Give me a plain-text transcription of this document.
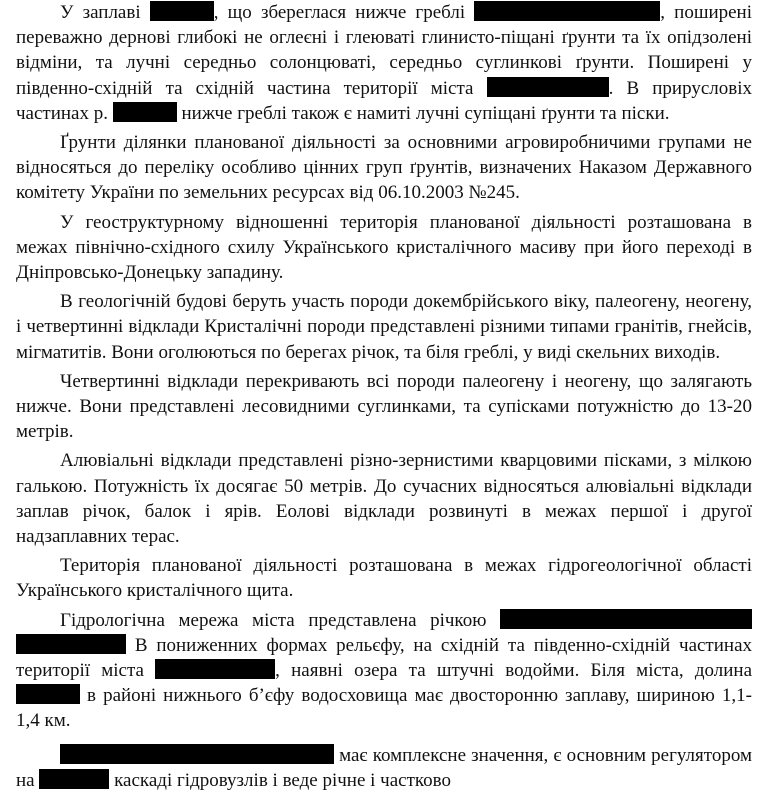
У заплаві	, що збереглася нижче греблі	, поширені переважно дернові глибокі не оглеєні і глеюваті глинисто-піщані ґрунти та їх опідзолені відміни, та лучні середньо солонцюваті, середньо суглинкові ґрунти. Поширені у південно-східній та східній частина території міста	. В прирусловіх частинах р.	нижче греблі також є намиті лучні супіщані ґрунти та піски.

Ґрунти ділянки планованої діяльності за основними агровиробничими групами не відносяться до переліку особливо цінних груп ґрунтів, визначених Наказом Державного комітету України по земельних ресурсах від 06.10.2003 №245.

У геоструктурному відношенні територія планованої діяльності розташована в межах північно-східного схилу Українського кристалічного масиву при його переході в Дніпровсько-Донецьку западину.

В геологічній будові беруть участь породи докембрійського віку, палеогену, неогену, і четвертинні відклади Кристалічні породи представлені різними типами гранітів, гнейсів, мігматитів. Вони оголюються по берегах річок, та біля греблі, у виді скельних виходів.

Четвертинні відклади перекривають всі породи палеогену і неогену, що залягають нижче. Вони представлені лесовидними суглинками, та супісками потужністю до 13-20 метрів.

Алювіальні відклади представлені різно-зернистими кварцовими пісками, з мілкою галькою. Потужність їх досягає 50 метрів. До сучасних відносяться алювіальні відклади заплав річок, балок і ярів. Еолові відклади розвинуті в межах першої і другої надзаплавних терас.

Територія планованої діяльності розташована в межах гідрогеологічної області Українського кристалічного щита.

Гідрологічна мережа міста представлена річкою   В пониженних формах рельєфу, на східній та південно-східній частинах території міста	, наявні озера та штучні водойми. Біля міста, долина  в районі нижнього б’єфу водосховища має двосторонню заплаву, шириною 1,1-1,4 км.

має комплексне значення, є основним регулятором на	каскаді гідровузлів і веде річне і частково
